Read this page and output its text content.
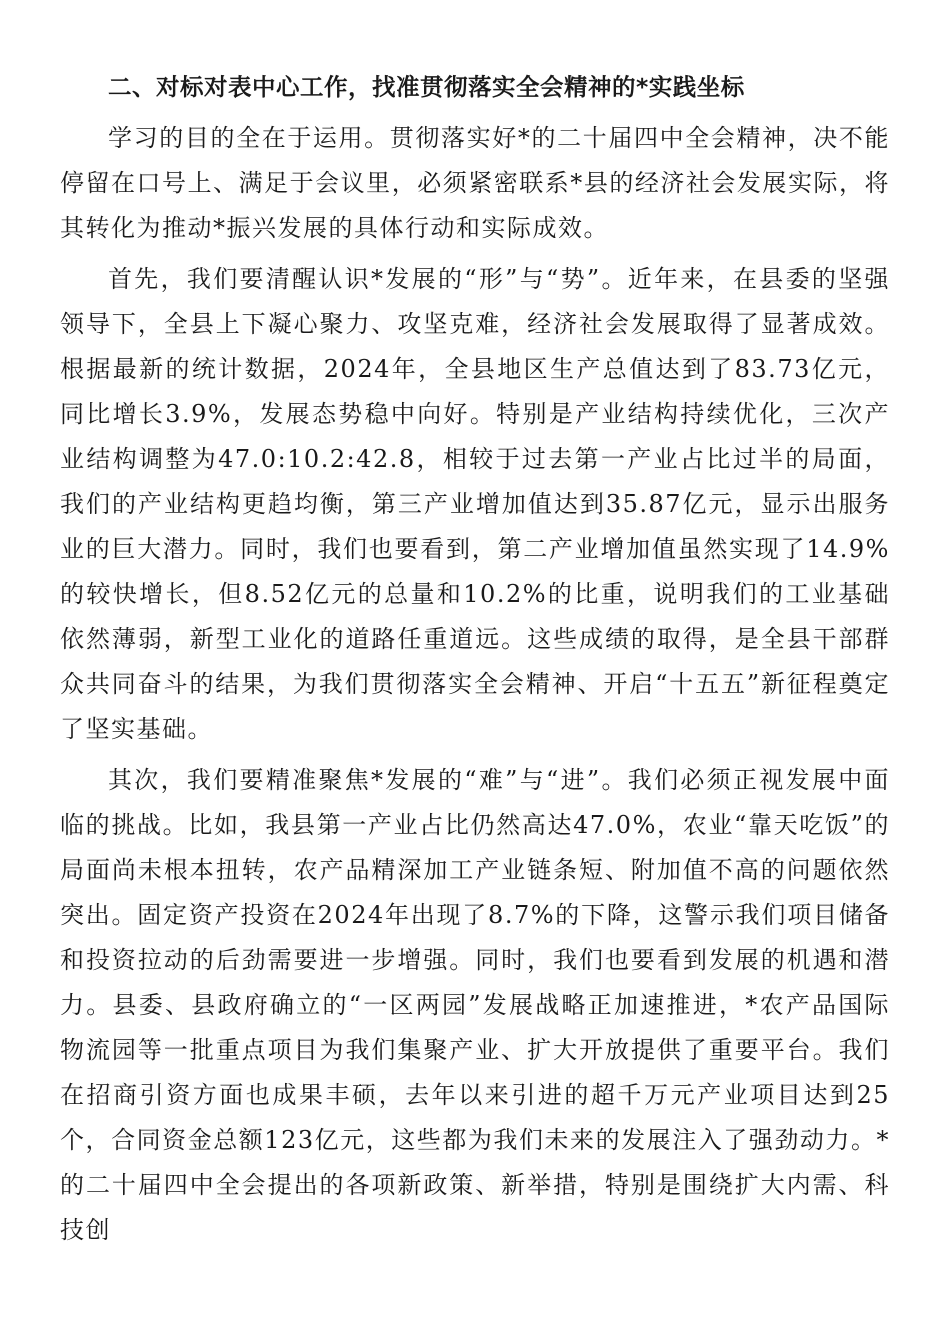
二、对标对表中心工作，找准贯彻落实全会精神的*实践坐标

学习的目的全在于运用。贯彻落实好*的二十届四中全会精神，决不能停留在口号上、满足于会议里，必须紧密联系*县的经济社会发展实际，将其转化为推动*振兴发展的具体行动和实际成效。

首先，我们要清醒认识*发展的“形”与“势”。近年来，在县委的坚强领导下，全县上下凝心聚力、攻坚克难，经济社会发展取得了显著成效。根据最新的统计数据，2024年，全县地区生产总值达到了83.73亿元，同比增长3.9%，发展态势稳中向好。特别是产业结构持续优化，三次产业结构调整为47.0:10.2:42.8，相较于过去第一产业占比过半的局面，我们的产业结构更趋均衡，第三产业增加值达到35.87亿元，显示出服务业的巨大潜力。同时，我们也要看到，第二产业增加值虽然实现了14.9%的较快增长，但8.52亿元的总量和10.2%的比重，说明我们的工业基础依然薄弱，新型工业化的道路任重道远。这些成绩的取得，是全县干部群众共同奋斗的结果，为我们贯彻落实全会精神、开启“十五五”新征程奠定了坚实基础。

其次，我们要精准聚焦*发展的“难”与“进”。我们必须正视发展中面临的挑战。比如，我县第一产业占比仍然高达47.0%，农业“靠天吃饭”的局面尚未根本扭转，农产品精深加工产业链条短、附加值不高的问题依然突出。固定资产投资在2024年出现了8.7%的下降，这警示我们项目储备和投资拉动的后劲需要进一步增强。同时，我们也要看到发展的机遇和潜力。县委、县政府确立的“一区两园”发展战略正加速推进，*农产品国际物流园等一批重点项目为我们集聚产业、扩大开放提供了重要平台。我们在招商引资方面也成果丰硕，去年以来引进的超千万元产业项目达到25个，合同资金总额123亿元，这些都为我们未来的发展注入了强劲动力。*的二十届四中全会提出的各项新政策、新举措，特别是围绕扩大内需、科技创
